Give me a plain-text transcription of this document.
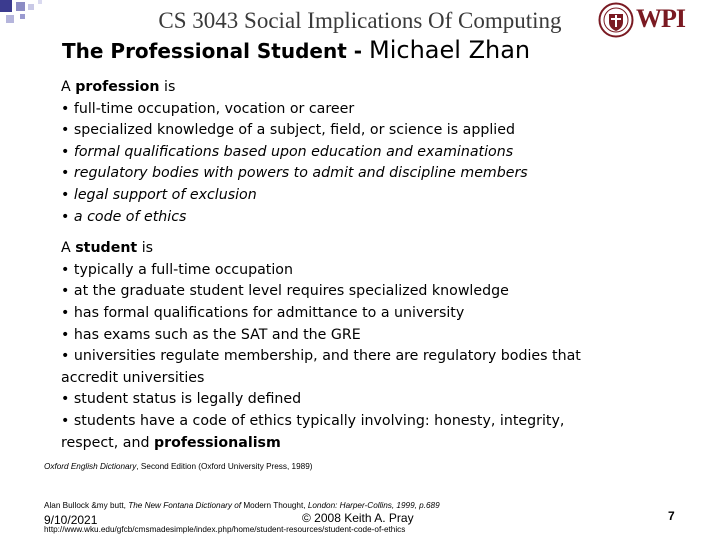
CS 3043 Social Implications Of Computing	WPI
The Professional Student - Michael Zhan

A profession is

• full-time occupation, vocation or career

• specialized knowledge of a subject, field, or science is applied

• formal qualifications based upon education and examinations

• regulatory bodies with powers to admit and discipline members

• legal support of exclusion

• a code of ethics

A student is

• typically a full-time occupation

• at the graduate student level requires specialized knowledge

• has formal qualifications for admittance to a university

• has exams such as the SAT and the GRE

• universities regulate membership, and there are regulatory bodies that accredit universities

• student status is legally defined

• students have a code of ethics typically involving: honesty, integrity, respect, and professionalism

Oxford English Dictionary, Second Edition (Oxford University Press, 1989)
Alan Bullock &my butt, The New Fontana Dictionary of Modern Thought, London: Harper-Collins, 1999, p.689
http://www.wku.edu/gfcb/cmsmadesimple/index.php/home/student-resources/student-code-of-ethics
9/10/2021	© 2008 Keith A. Pray	7
